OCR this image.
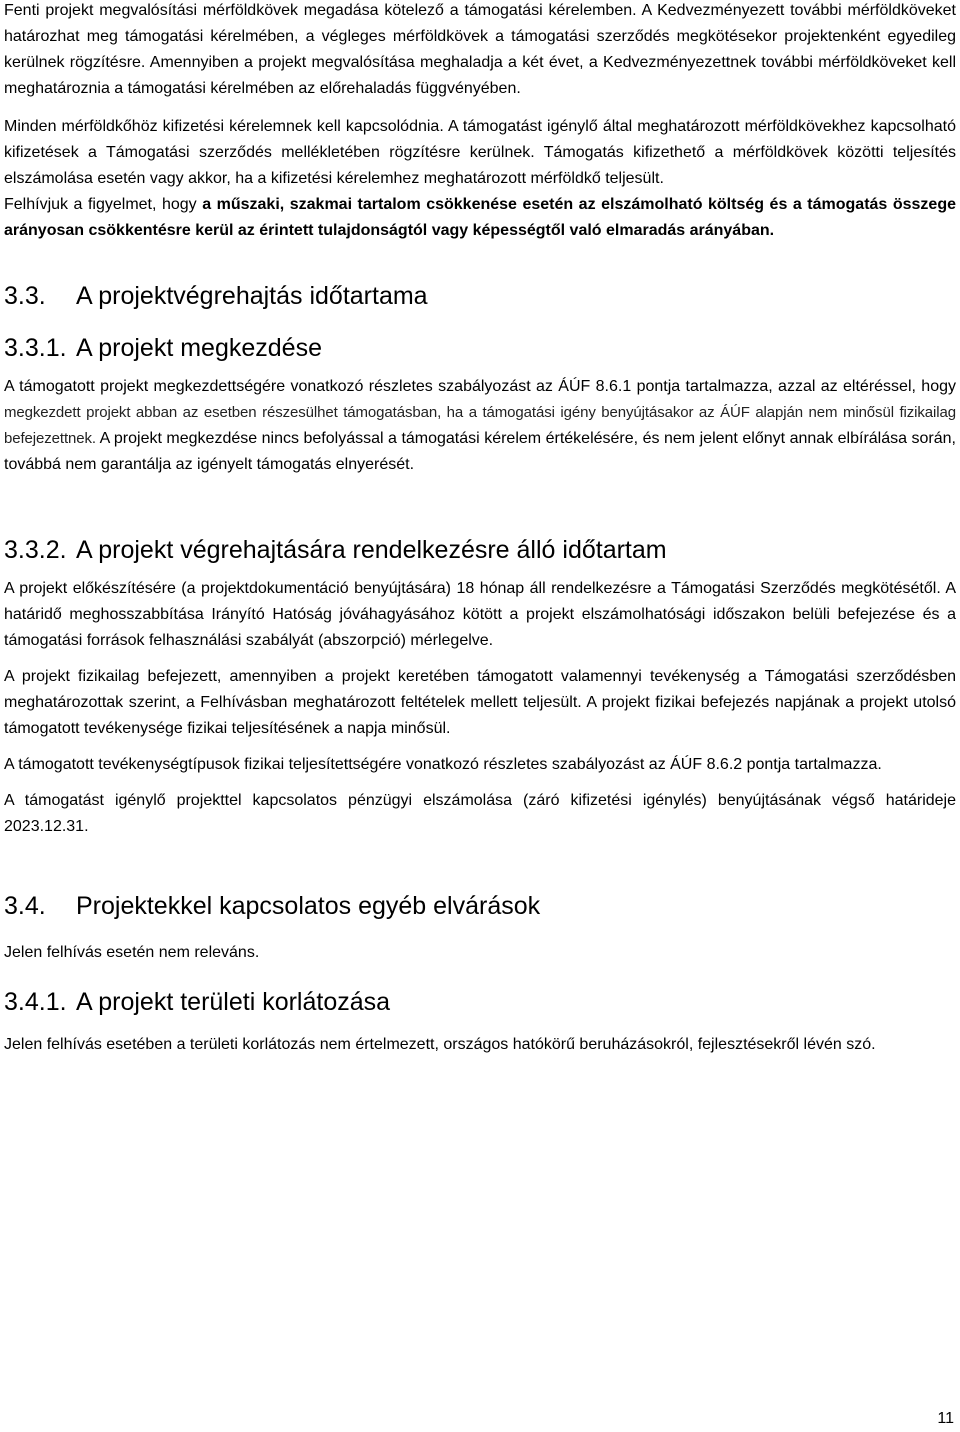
Fenti projekt megvalósítási mérföldkövek megadása kötelező a támogatási kérelemben. A Kedvezményezett további mérföldköveket határozhat meg támogatási kérelmében, a végleges mérföldkövek a támogatási szerződés megkötésekor projektenként egyedileg kerülnek rögzítésre. Amennyiben a projekt megvalósítása meghaladja a két évet, a Kedvezményezettnek további mérföldköveket kell meghatároznia a támogatási kérelmében az előrehaladás függvényében.

Minden mérföldkőhöz kifizetési kérelemnek kell kapcsolódnia. A támogatást igénylő által meghatározott mérföldkövekhez kapcsolható kifizetések a Támogatási szerződés mellékletében rögzítésre kerülnek. Támogatás kifizethető a mérföldkövek közötti teljesítés elszámolása esetén vagy akkor, ha a kifizetési kérelemhez meghatározott mérföldkő teljesült.

Felhívjuk a figyelmet, hogy a műszaki, szakmai tartalom csökkenése esetén az elszámolható költség és a támogatás összege arányosan csökkentésre kerül az érintett tulajdonságtól vagy képességtől való elmaradás arányában.

3.3. A projektvégrehajtás időtartama
3.3.1. A projekt megkezdése

A támogatott projekt megkezdettségére vonatkozó részletes szabályozást az ÁÚF 8.6.1 pontja tartalmazza, azzal az eltéréssel, hogy megkezdett projekt abban az esetben részesülhet támogatásban, ha a támogatási igény benyújtásakor az ÁÚF alapján nem minősül fizikailag befejezettnek. A projekt megkezdése nincs befolyással a támogatási kérelem értékelésére, és nem jelent előnyt annak elbírálása során, továbbá nem garantálja az igényelt támogatás elnyerését.

3.3.2. A projekt végrehajtására rendelkezésre álló időtartam

A projekt előkészítésére (a projektdokumentáció benyújtására) 18 hónap áll rendelkezésre a Támogatási Szerződés megkötésétől. A határidő meghosszabbítása Irányító Hatóság jóváhagyásához kötött a projekt elszámolhatósági időszakon belüli befejezése és a támogatási források felhasználási szabályát (abszorpció) mérlegelve.

A projekt fizikailag befejezett, amennyiben a projekt keretében támogatott valamennyi tevékenység a Támogatási szerződésben meghatározottak szerint, a Felhívásban meghatározott feltételek mellett teljesült. A projekt fizikai befejezés napjának a projekt utolsó támogatott tevékenysége fizikai teljesítésének a napja minősül.

A támogatott tevékenységtípusok fizikai teljesítettségére vonatkozó részletes szabályozást az ÁÚF 8.6.2 pontja tartalmazza.

A támogatást igénylő projekttel kapcsolatos pénzügyi elszámolása (záró kifizetési igénylés) benyújtásának végső határideje 2023.12.31.

3.4. Projektekkel kapcsolatos egyéb elvárások

Jelen felhívás esetén nem releváns.

3.4.1. A projekt területi korlátozása

Jelen felhívás esetében a területi korlátozás nem értelmezett, országos hatókörű beruházásokról, fejlesztésekről lévén szó.

11
